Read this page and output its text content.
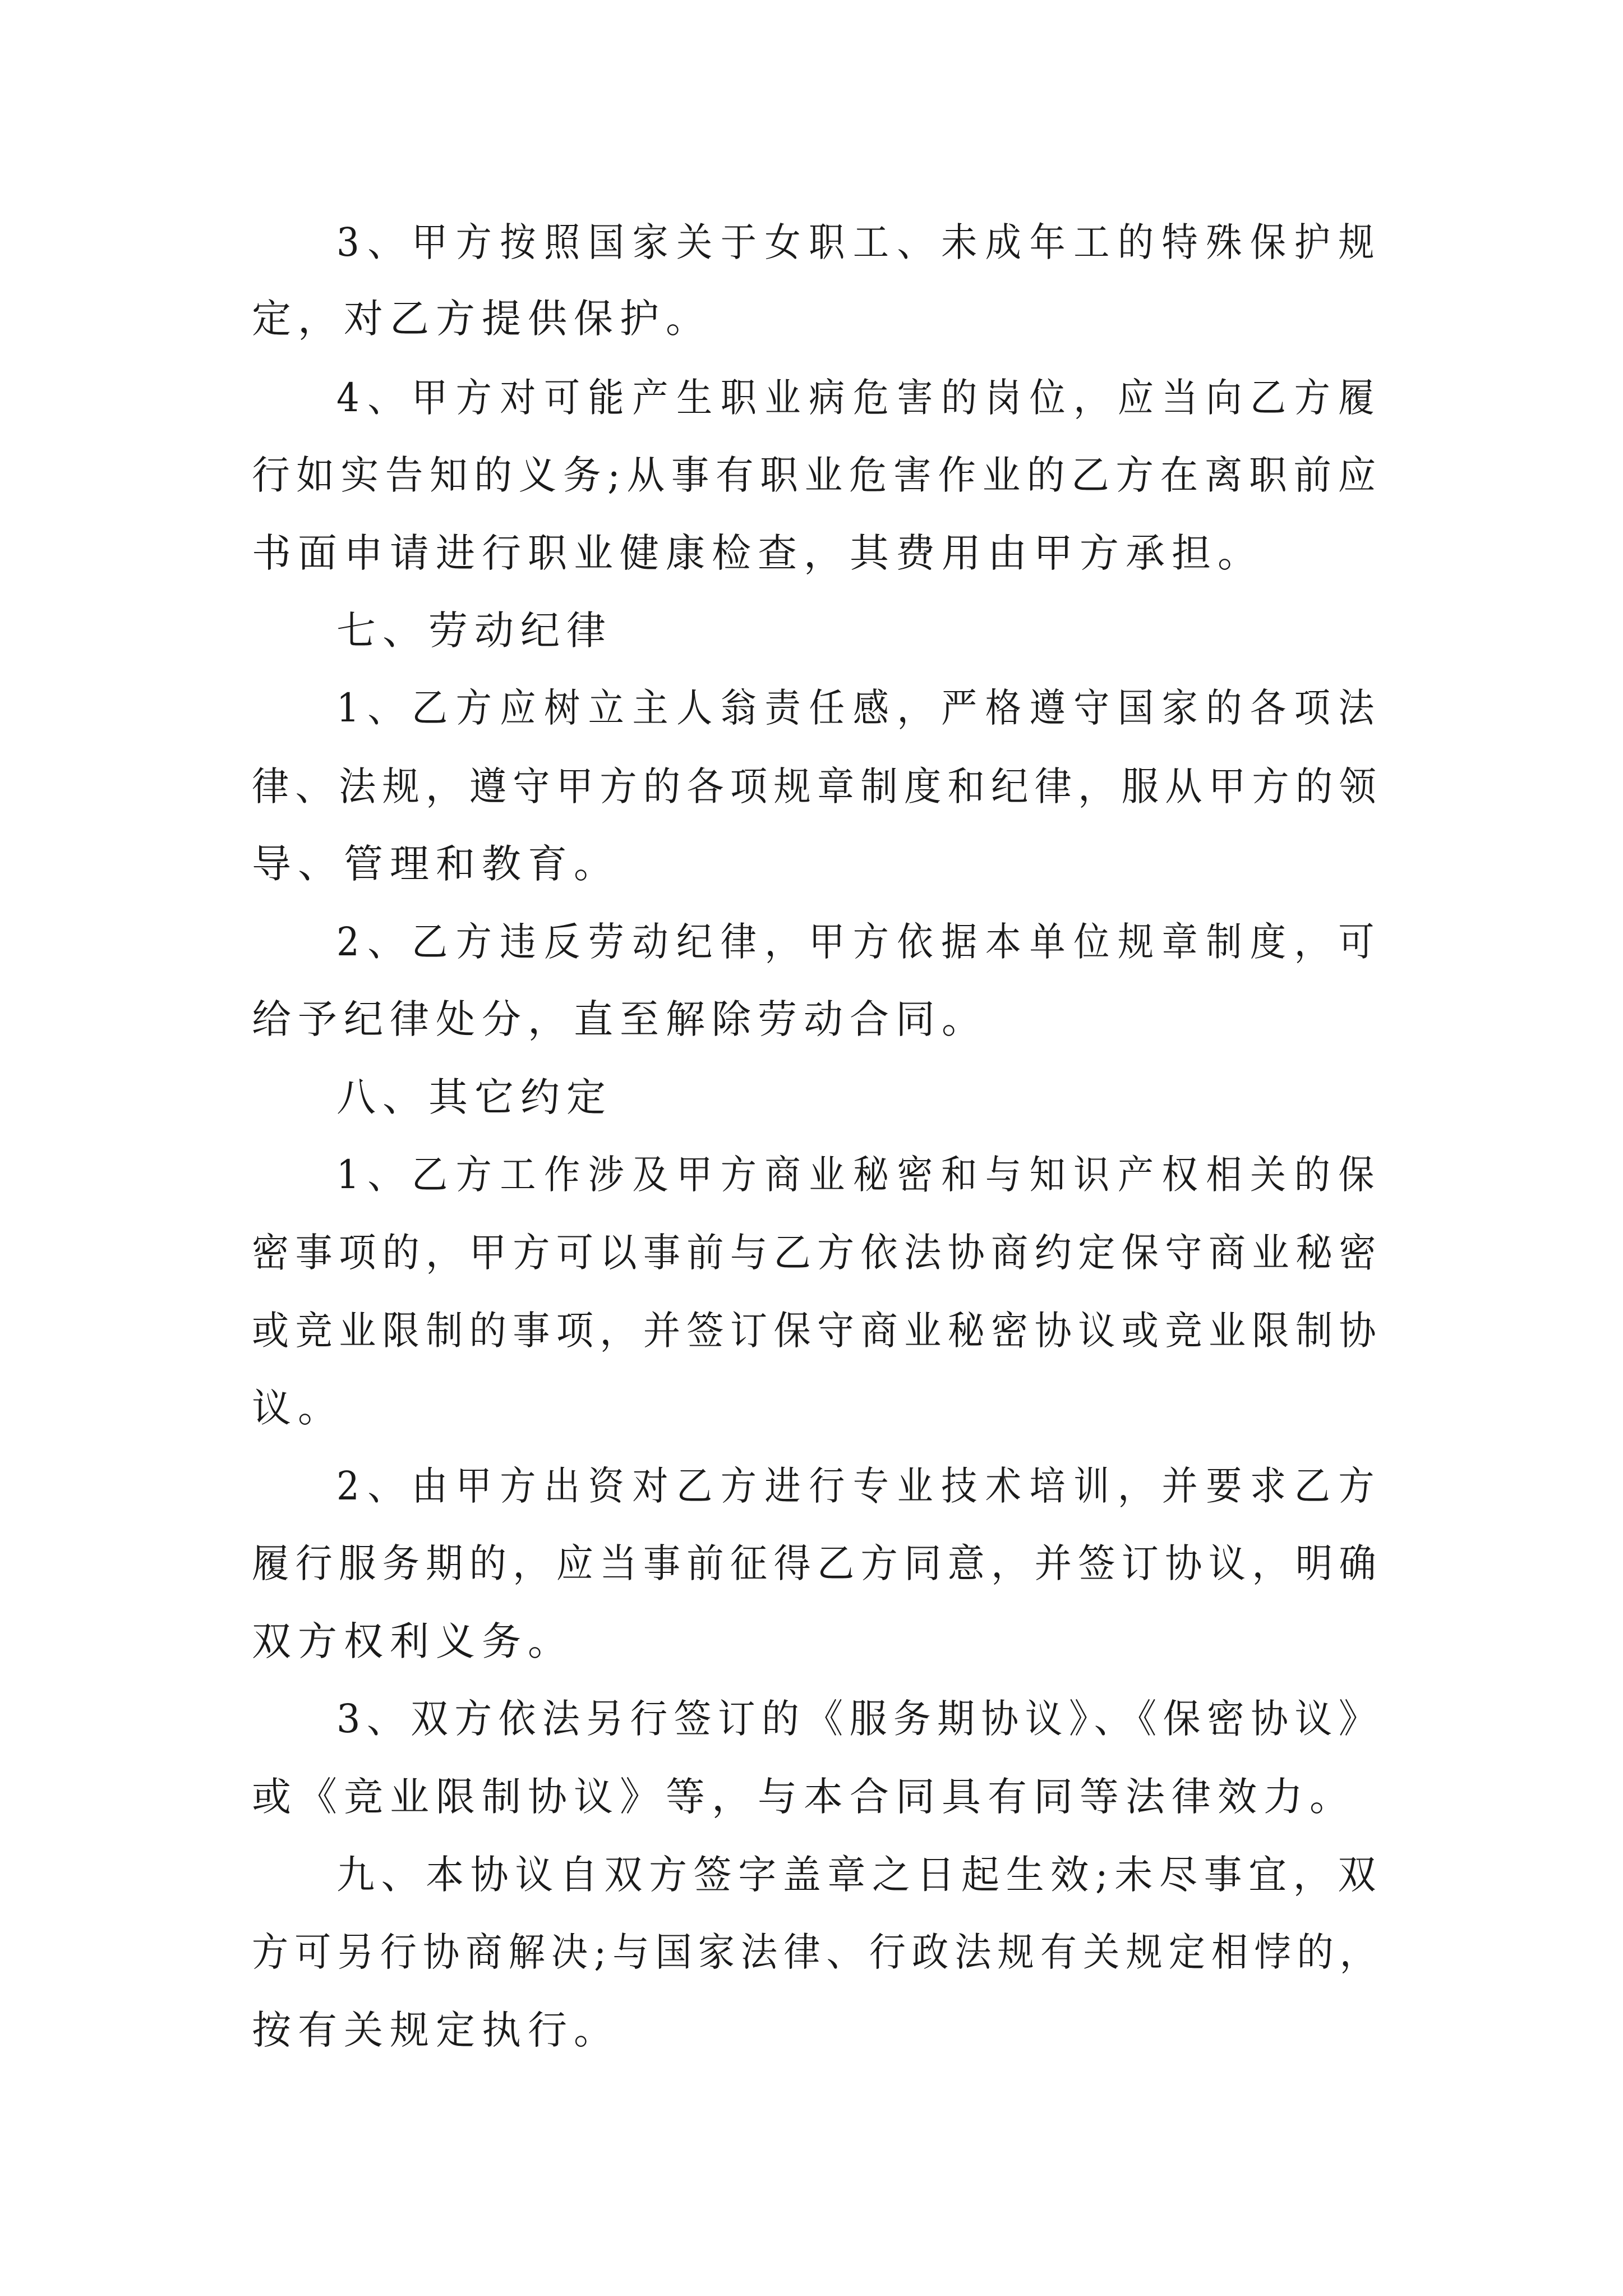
3、甲方按照国家关于女职工、未成年工的特殊保护规
定，对乙方提供保护。
4、甲方对可能产生职业病危害的岗位，应当向乙方履
行如实告知的义务;从事有职业危害作业的乙方在离职前应
书面申请进行职业健康检查，其费用由甲方承担。
七、劳动纪律
1、乙方应树立主人翁责任感，严格遵守国家的各项法
律、法规，遵守甲方的各项规章制度和纪律，服从甲方的领
导、管理和教育。
2、乙方违反劳动纪律，甲方依据本单位规章制度，可
给予纪律处分，直至解除劳动合同。
八、其它约定
1、乙方工作涉及甲方商业秘密和与知识产权相关的保
密事项的，甲方可以事前与乙方依法协商约定保守商业秘密
或竞业限制的事项，并签订保守商业秘密协议或竞业限制协
议。
2、由甲方出资对乙方进行专业技术培训，并要求乙方
履行服务期的，应当事前征得乙方同意，并签订协议，明确
双方权利义务。
3、双方依法另行签订的《服务期协议》、《保密协议》
或《竞业限制协议》等，与本合同具有同等法律效力。
九、本协议自双方签字盖章之日起生效;未尽事宜，双
方可另行协商解决;与国家法律、行政法规有关规定相悖的，
按有关规定执行。
